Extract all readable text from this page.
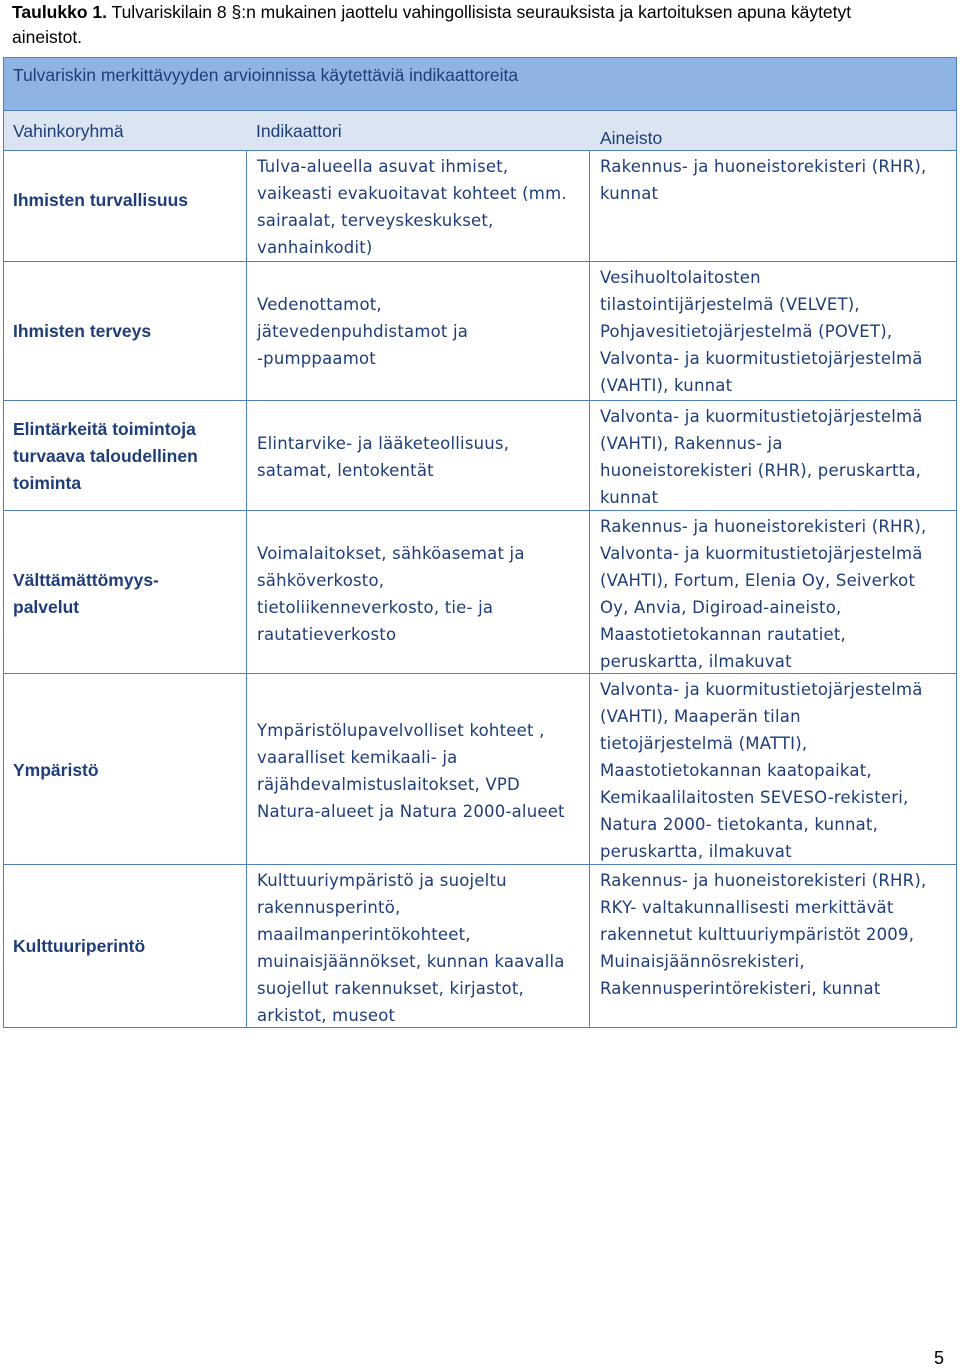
Taulukko 1. Tulvariskilain 8 §:n mukainen jaottelu vahingollisista seurauksista ja kartoituksen apuna käytetyt
aineistot.
Tulvariskin merkittävyyden arvioinnissa käytettäviä indikaattoreita
Vahinkoryhmä	Indikaattori	Aineisto
Ihmisten turvallisuus
Tulva-alueella asuvat ihmiset,
vaikeasti evakuoitavat kohteet (mm.
sairaalat, terveyskeskukset,
vanhainkodit)
Rakennus- ja huoneistorekisteri (RHR),
kunnat
Ihmisten terveys
Vedenottamot,
jätevedenpuhdistamot ja
-pumppaamot
Vesihuoltolaitosten
tilastointijärjestelmä (VELVET),
Pohjavesitietojärjestelmä (POVET),
Valvonta- ja kuormitustietojärjestelmä
(VAHTI), kunnat
Elintärkeitä toimintoja
turvaava taloudellinen
toiminta
Elintarvike- ja lääketeollisuus,
satamat, lentokentät
Valvonta- ja kuormitustietojärjestelmä
(VAHTI), Rakennus- ja
huoneistorekisteri (RHR), peruskartta,
kunnat
Välttämättömyys-
palvelut
Voimalaitokset, sähköasemat ja
sähköverkosto,
tietoliikenneverkosto, tie- ja
rautatieverkosto
Rakennus- ja huoneistorekisteri (RHR),
Valvonta- ja kuormitustietojärjestelmä
(VAHTI), Fortum, Elenia Oy, Seiverkot
Oy, Anvia, Digiroad-aineisto,
Maastotietokannan rautatiet,
peruskartta, ilmakuvat
Ympäristö
Ympäristölupavelvolliset kohteet ,
vaaralliset kemikaali- ja
räjähdevalmistuslaitokset, VPD
Natura-alueet ja Natura 2000-alueet
Valvonta- ja kuormitustietojärjestelmä
(VAHTI), Maaperän tilan
tietojärjestelmä (MATTI),
Maastotietokannan kaatopaikat,
Kemikaalilaitosten SEVESO-rekisteri,
Natura 2000- tietokanta, kunnat,
peruskartta, ilmakuvat
Kulttuuriperintö
Kulttuuriympäristö ja suojeltu
rakennusperintö,
maailmanperintökohteet,
muinaisjäännökset, kunnan kaavalla
suojellut rakennukset, kirjastot,
arkistot, museot
Rakennus- ja huoneistorekisteri (RHR),
RKY- valtakunnallisesti merkittävät
rakennetut kulttuuriympäristöt 2009,
Muinaisjäännösrekisteri,
Rakennusperintörekisteri, kunnat
5
